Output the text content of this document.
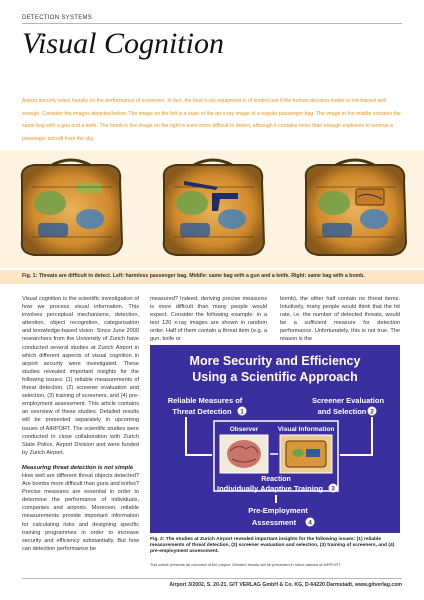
DETECTION SYSTEMS
Visual Cognition
Airport security relies heavily on the performance of screeners. In fact, the best x-ray equipment is of limited use if the human decision maker is not trained well enough. Consider the images depicted below. The image on the left is a state of the art x-ray image of a regular passenger bag. The image in the middle contains the same bag with a gun and a knife. The bomb in the image on the right is even more difficult to detect, although it contains more than enough explosive to remove a passenger aircraft from the sky.
Fig. 1: Threats are difficult to detect. Left: harmless passenger bag. Middle: same bag with a gun and a knife. Right: same bag with a bomb.

Visual cognition is the scientific investigation of how we process visual information. This involves perceptual mechanisms, detection, attention, object recognition, categorisation and knowledge-based vision. Since June 2000 researchers from the University of Zurich have conducted several studies at Zurich Airport in which different aspects of visual cognition in airport security were investigated. These studies revealed important insights for the following issues: (1) reliable measurements of threat detection, (2) screener evaluation and selection, (3) training of screeners, and (4) pre-employment assessment. This article contains an overview of these studies. Detailed results will be presented separately in upcoming issues of AIRPORT. The scientific studies were conducted in close collaboration with Zurich State Police, Airport Division and were funded by Zurich Airport.

Measuring threat detection is not simple

How well are different threat objects detected? Are bombs more difficult than guns and knifes? Precise measures are essential in order to determine the performance of individuals, companies and airports. Moreover, reliable measurements provide important information for calculating risks and designing specific training programmes in order to increase security and efficiency substantially. But how can detection performance be

measured? Indeed, deriving precise measures is more difficult than many people would expect. Consider the following example: in a test 120 x-ray images are shown in random order. Half of them contain a threat item (e.g. a gun, knife or

bomb), the other half contain no threat items. Intuitively, many people would think that the hit rate, i.e. the number of detected threats, would be a sufficient measure for detection performance. Unfortunately, this is not true. The reason is the

More Security and Efficiency
Using a Scientific Approach
Reliable Measures of
Threat Detection 1
Screener Evaluation
and Selection 2
Observer	Visual Information
Reaction
Individually Adaptive Training 3
Pre-Employment
Assessment 4
Fig. 2: The studies at Zurich Airport revealed important insights for the following issues: (1) reliable measurements of threat detection, (2) screener evaluation and selection, (3) training of screeners, and (4) pre-employment assessment.
This article presents an overview of the project. Detailed results will be presented in future articles of AIRPORT.
Airport 3/2002, S. 20-21, GIT VERLAG GmbH & Co. KG, D-64220 Darmstadt, www.gitverlag.com
